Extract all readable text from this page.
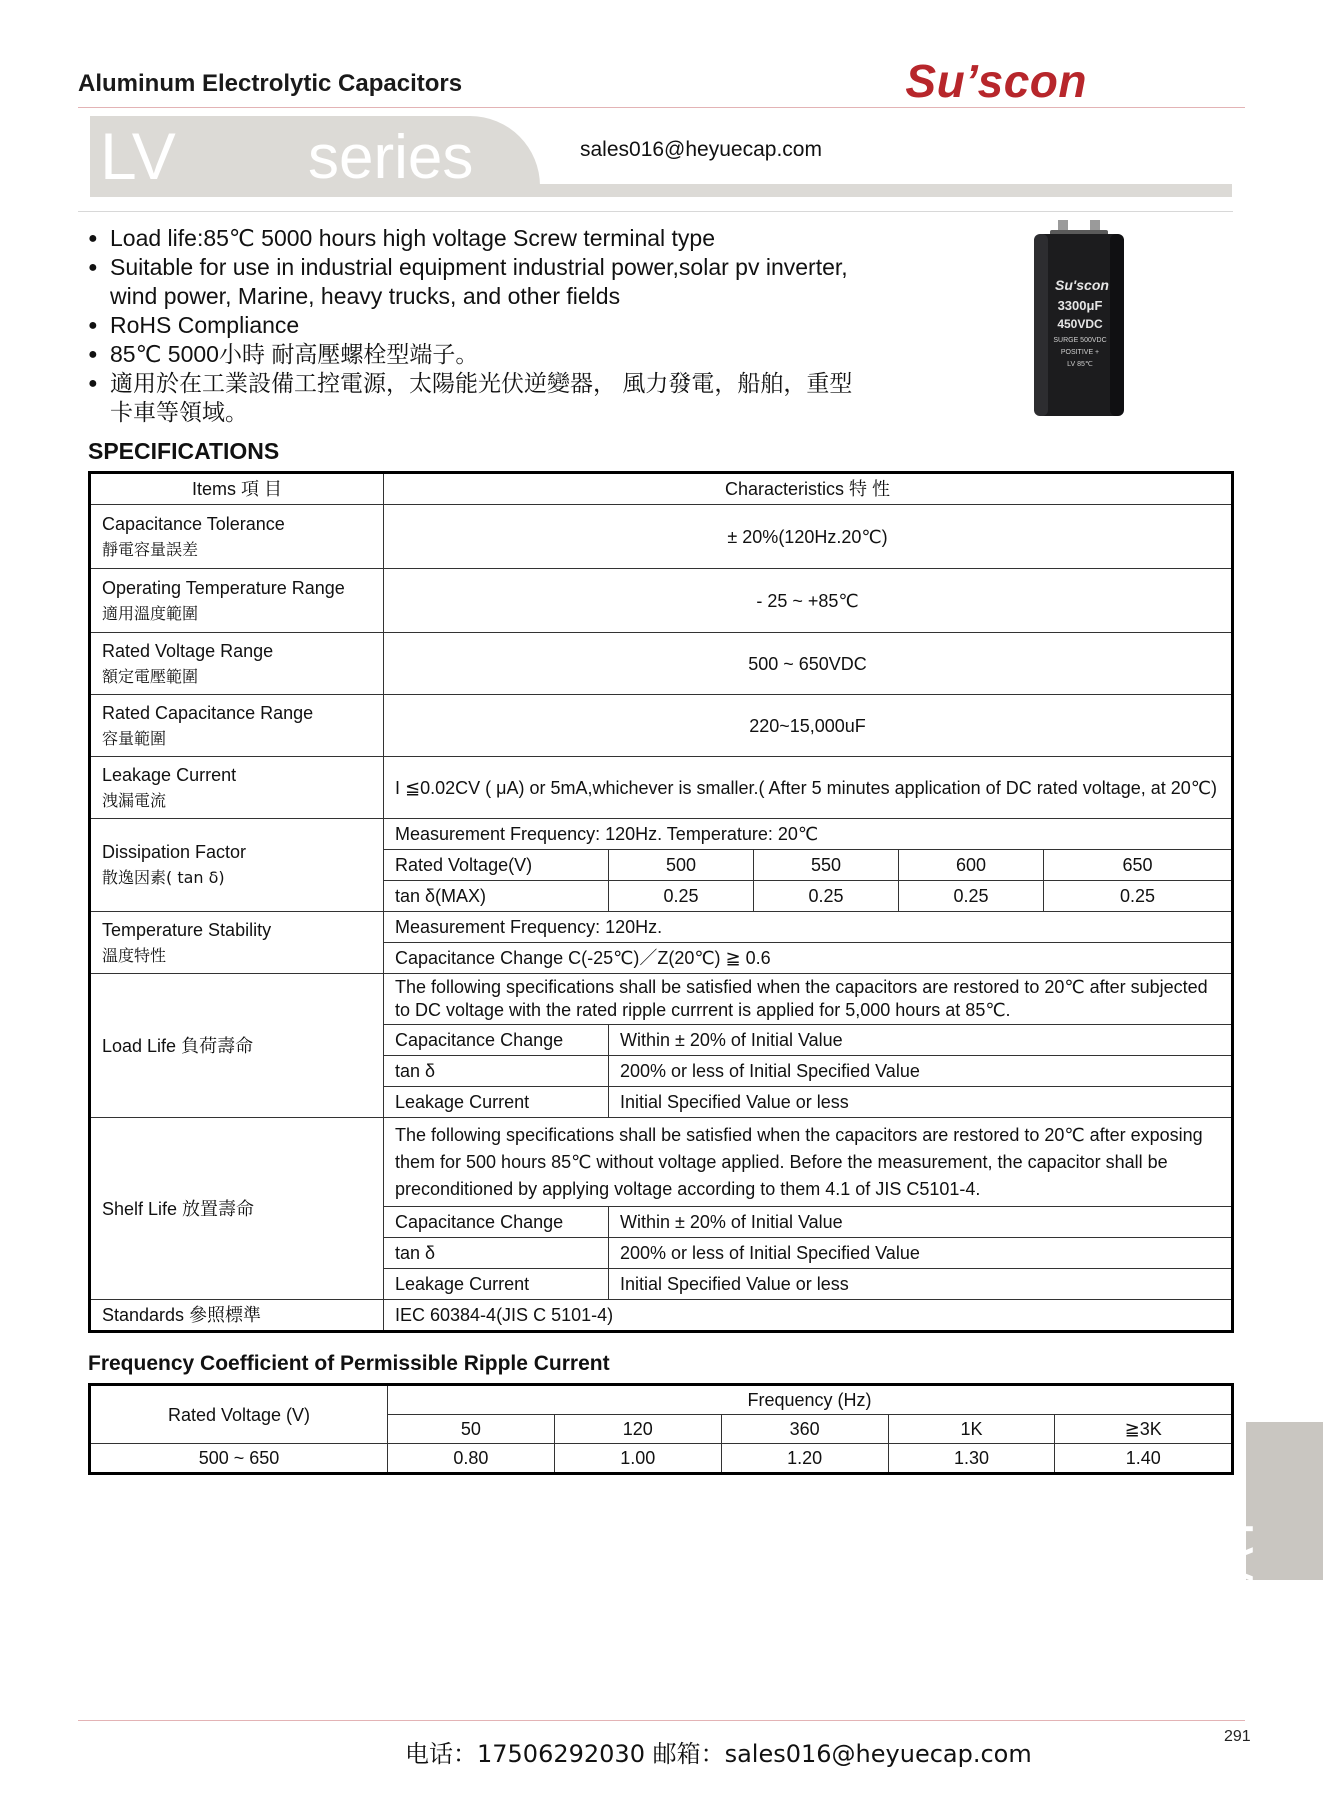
Aluminum Electrolytic Capacitors	Su’scon
LV series	sales016@heyuecap.com
● Load life:85℃ 5000 hours high voltage Screw terminal type
● Suitable for use in industrial equipment industrial power,solar pv inverter, wind power, Marine, heavy trucks, and other fields
● RoHS Compliance
● 85℃ 5000小時 耐高壓螺栓型端子。
● 適用於在工業設備工控電源，太陽能光伏逆變器， 風力發電，船舶，重型卡車等領域。
Su'scon
3300μF
450VDC
SURGE 500VDC
POSITIVE +
LV 85℃
SPECIFICATIONS
Items 項 目	Characteristics 特 性				

Capacitance Tolerance
靜電容量誤差	± 20%(120Hz.20℃)				

Operating Temperature Range
適用溫度範圍	- 25 ~ +85℃				

Rated Voltage Range
額定電壓範圍	500 ~ 650VDC				

Rated Capacitance Range
容量範圍	220~15,000uF				

Leakage Current
洩漏電流	I ≦0.02CV ( μA) or 5mA,whichever is smaller.( After 5 minutes application of DC rated voltage, at 20℃)				

Dissipation Factor
散逸因素( tan δ)	Measurement Frequency: 120Hz. Temperature: 20℃				
	Rated Voltage(V)	500	550	600	650
	tan δ(MAX)	0.25	0.25	0.25	0.25

Temperature Stability
溫度特性	Measurement Frequency: 120Hz.				
	Capacitance Change C(-25℃)／Z(20℃) ≧ 0.6				
Load Life 負荷壽命	The following specifications shall be satisfied when the capacitors are restored to 20℃ after subjected to DC voltage with the rated ripple currrent is applied for 5,000 hours at 85℃.				
	Capacitance Change	Within ± 20% of Initial Value			
	tan δ	200% or less of Initial Specified Value			
	Leakage Current	Initial Specified Value or less			
Shelf Life 放置壽命	The following specifications shall be satisfied when the capacitors are restored to 20℃ after exposing them for 500 hours 85℃ without voltage applied. Before the measurement, the capacitor shall be preconditioned by applying voltage according to them 4.1 of JIS C5101-4.				
	Capacitance Change	Within ± 20% of Initial Value			
	tan δ	200% or less of Initial Specified Value			
	Leakage Current	Initial Specified Value or less			
Standards 參照標準	IEC 60384-4(JIS C 5101-4)				
Frequency Coefficient of Permissible Ripple Current
Rated Voltage (V)	Frequency (Hz)				
	50	120	360	1K	≧3K
500 ~ 650	0.80	1.00	1.20	1.30	1.40
LV
电话：17506292030 邮箱：sales016@heyuecap.com
291
